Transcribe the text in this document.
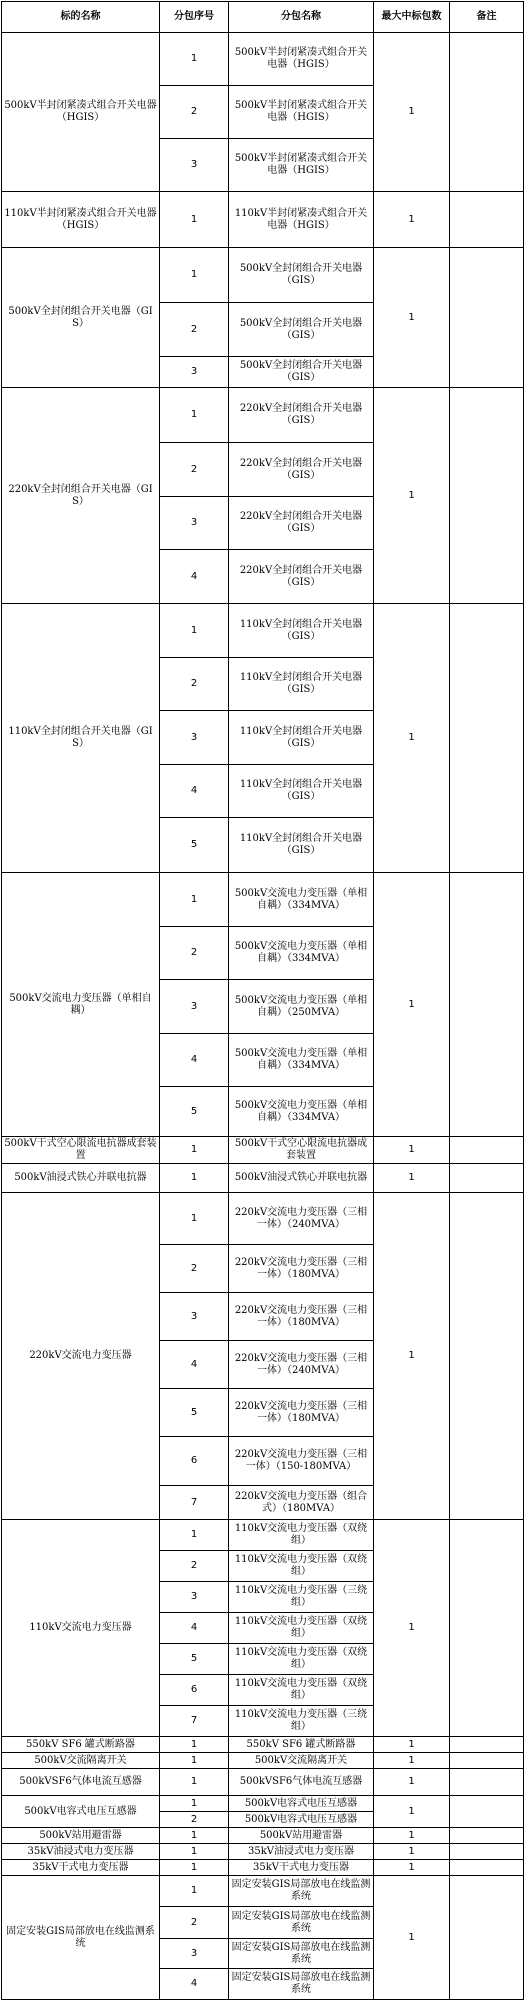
标的名称	分包序号	分包名称	最大中标包数	备注
500kV半封闭紧凑式组合开关电器（HGIS）	1	500kV半封闭紧凑式组合开关电器（HGIS）	1	
	2	500kV半封闭紧凑式组合开关电器（HGIS）		
	3	500kV半封闭紧凑式组合开关电器（HGIS）		
110kV半封闭紧凑式组合开关电器（HGIS）	1	110kV半封闭紧凑式组合开关电器（HGIS）	1	
500kV全封闭组合开关电器（GIS）	1	500kV全封闭组合开关电器（GIS）	1	
	2	500kV全封闭组合开关电器（GIS）		
	3	500kV全封闭组合开关电器（GIS）		
220kV全封闭组合开关电器（GIS）	1	220kV全封闭组合开关电器（GIS）	1	
	2	220kV全封闭组合开关电器（GIS）		
	3	220kV全封闭组合开关电器（GIS）		
	4	220kV全封闭组合开关电器（GIS）		
110kV全封闭组合开关电器（GIS）	1	110kV全封闭组合开关电器（GIS）	1	
	2	110kV全封闭组合开关电器（GIS）		
	3	110kV全封闭组合开关电器（GIS）		
	4	110kV全封闭组合开关电器（GIS）		
	5	110kV全封闭组合开关电器（GIS）		
500kV交流电力变压器（单相自耦）	1	500kV交流电力变压器（单相自耦）（334MVA）	1	
	2	500kV交流电力变压器（单相自耦）（334MVA）		
	3	500kV交流电力变压器（单相自耦）（250MVA）		
	4	500kV交流电力变压器（单相自耦）（334MVA）		
	5	500kV交流电力变压器（单相自耦）（334MVA）		
500kV干式空心限流电抗器成套装置	1	500kV干式空心限流电抗器成套装置	1	
500kV油浸式铁心并联电抗器	1	500kV油浸式铁心并联电抗器	1	
220kV交流电力变压器	1	220kV交流电力变压器（三相一体）（240MVA）	1	
	2	220kV交流电力变压器（三相一体）（180MVA）		
	3	220kV交流电力变压器（三相一体）（180MVA）		
	4	220kV交流电力变压器（三相一体）（240MVA）		
	5	220kV交流电力变压器（三相一体）（180MVA）		
	6	220kV交流电力变压器（三相一体）（150-180MVA）		
	7	220kV交流电力变压器（组合式）（180MVA）		
110kV交流电力变压器	1	110kV交流电力变压器（双绕组）	1	
	2	110kV交流电力变压器（双绕组）		
	3	110kV交流电力变压器（三绕组）		
	4	110kV交流电力变压器（双绕组）		
	5	110kV交流电力变压器（双绕组）		
	6	110kV交流电力变压器（双绕组）		
	7	110kV交流电力变压器（三绕组）		
550kV SF6 罐式断路器	1	550kV SF6 罐式断路器	1	
500kV交流隔离开关	1	500kV交流隔离开关	1	
500kVSF6气体电流互感器	1	500kVSF6气体电流互感器	1	
500kV电容式电压互感器	1	500kV电容式电压互感器	1	
	2	500kV电容式电压互感器		
500kV站用避雷器	1	500kV站用避雷器	1	
35kV油浸式电力变压器	1	35kV油浸式电力变压器	1	
35kV干式电力变压器	1	35kV干式电力变压器	1	
固定安装GIS局部放电在线监测系统	1	固定安装GIS局部放电在线监测系统	1	
	2	固定安装GIS局部放电在线监测系统		
	3	固定安装GIS局部放电在线监测系统		
	4	固定安装GIS局部放电在线监测系统		
